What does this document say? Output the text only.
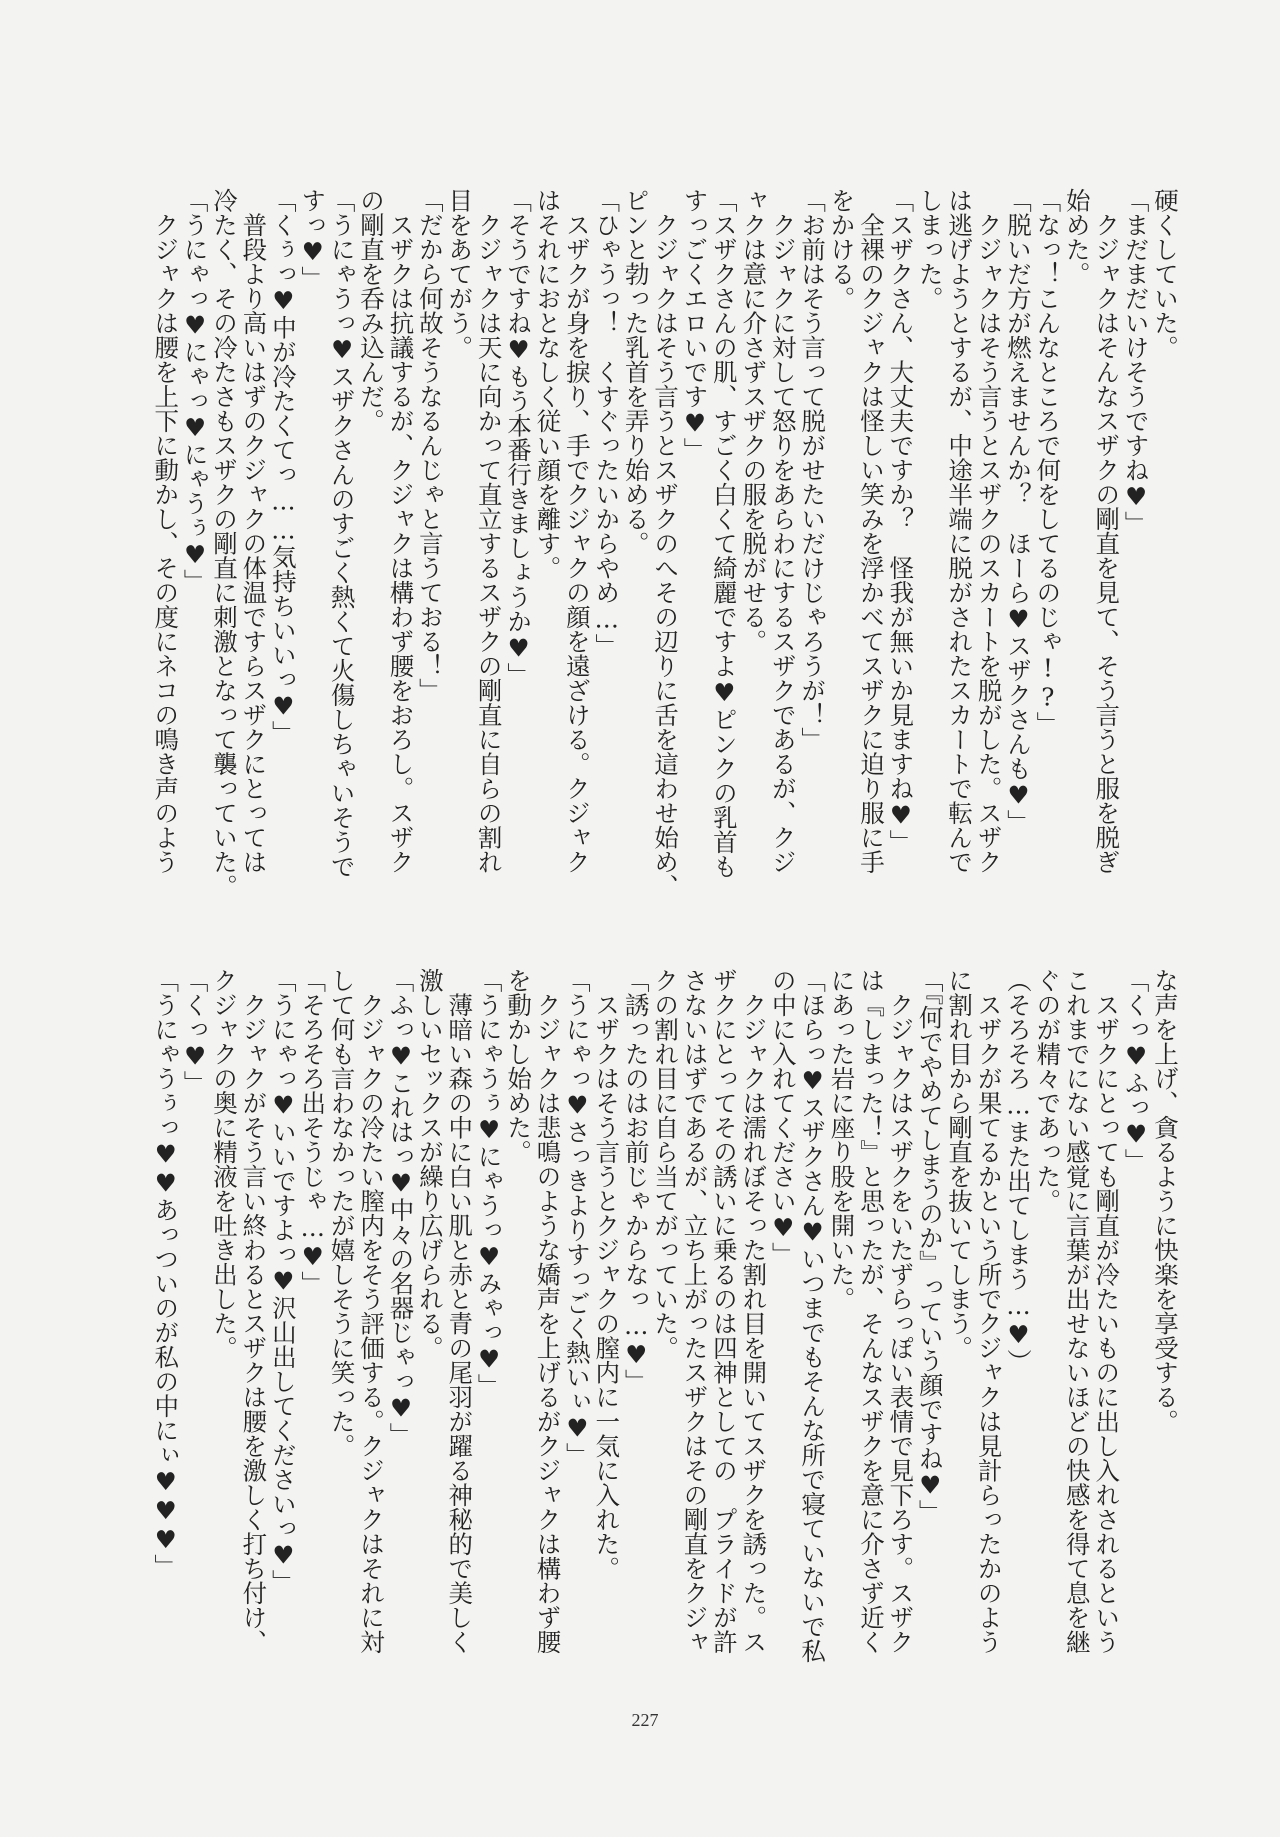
硬くしていた。

「まだまだいけそうですね♥」

　クジャクはそんなスザクの剛直を見て、そう言うと服を脱ぎ

始めた。

「なっ！こんなところで何をしてるのじゃ!?」

「脱いだ方が燃えませんか？　ほーら♥スザクさんも♥」

　クジャクはそう言うとスザクのスカートを脱がした。スザク

は逃げようとするが、中途半端に脱がされたスカートで転んで

しまった。

「スザクさん、大丈夫ですか？　怪我が無いか見ますね♥」

　全裸のクジャクは怪しい笑みを浮かべてスザクに迫り服に手

をかける。

「お前はそう言って脱がせたいだけじゃろうが！」

　クジャクに対して怒りをあらわにするスザクであるが、クジ

ャクは意に介さずスザクの服を脱がせる。

「スザクさんの肌、すごく白くて綺麗ですよ♥ピンクの乳首も

すっごくエロいです♥」

　クジャクはそう言うとスザクのへその辺りに舌を這わせ始め、

ピンと勃った乳首を弄り始める。

「ひゃうっ！　くすぐったいからやめ…」

　スザクが身を捩り、手でクジャクの顔を遠ざける。クジャク

はそれにおとなしく従い顔を離す。

「そうですね♥もう本番行きましょうか♥」

　クジャクは天に向かって直立するスザクの剛直に自らの割れ

目をあてがう。

「だから何故そうなるんじゃと言うておる！」

　スザクは抗議するが、クジャクは構わず腰をおろし。スザク

の剛直を呑み込んだ。

「うにゃうっ♥スザクさんのすごく熱くて火傷しちゃいそうで

すっ♥」

「くぅっ♥中が冷たくてっ……気持ちいいっ♥」

　普段より高いはずのクジャクの体温ですらスザクにとっては

冷たく、その冷たさもスザクの剛直に刺激となって襲っていた。

「うにゃっ♥にゃっ♥にゃうぅ♥」

　クジャクは腰を上下に動かし、その度にネコの鳴き声のよう

な声を上げ、貪るように快楽を享受する。

「くっ♥ふっ♥」

　スザクにとっても剛直が冷たいものに出し入れされるという

これまでにない感覚に言葉が出せないほどの快感を得て息を継

ぐのが精々であった。

（そろそろ…また出てしまう…♥）

　スザクが果てるかという所でクジャクは見計らったかのよう

に割れ目から剛直を抜いてしまう。

「『何でやめてしまうのか』っていう顔ですね♥」

　クジャクはスザクをいたずらっぽい表情で見下ろす。スザク

は『しまった！』と思ったが、そんなスザクを意に介さず近く

にあった岩に座り股を開いた。

「ほらっ♥スザクさん♥いつまでもそんな所で寝ていないで私

の中に入れてください♥」

　クジャクは濡れぼそった割れ目を開いてスザクを誘った。ス

ザクにとってその誘いに乗るのは四神としての　プライドが許

さないはずであるが、立ち上がったスザクはその剛直をクジャ

クの割れ目に自ら当てがっていた。

「誘ったのはお前じゃからなっ…♥」

　スザクはそう言うとクジャクの膣内に一気に入れた。

「うにゃっ♥さっきよりすっごく熱いぃ♥」

　クジャクは悲鳴のような嬌声を上げるがクジャクは構わず腰

を動かし始めた。

「うにゃうぅ♥にゃうっ♥みゃっ♥」

　薄暗い森の中に白い肌と赤と青の尾羽が躍る神秘的で美しく

激しいセックスが繰り広げられる。

「ふっ♥これはっ♥中々の名器じゃっ♥」

　クジャクの冷たい膣内をそう評価する。クジャクはそれに対

して何も言わなかったが嬉しそうに笑った。

「そろそろ出そうじゃ…♥」

「うにゃっ♥いいですよっ♥沢山出してくださいっ♥」

　クジャクがそう言い終わるとスザクは腰を激しく打ち付け、

クジャクの奥に精液を吐き出した。

「くっ♥」

「うにゃうぅっ♥♥あっついのが私の中にぃ♥♥♥」

227
